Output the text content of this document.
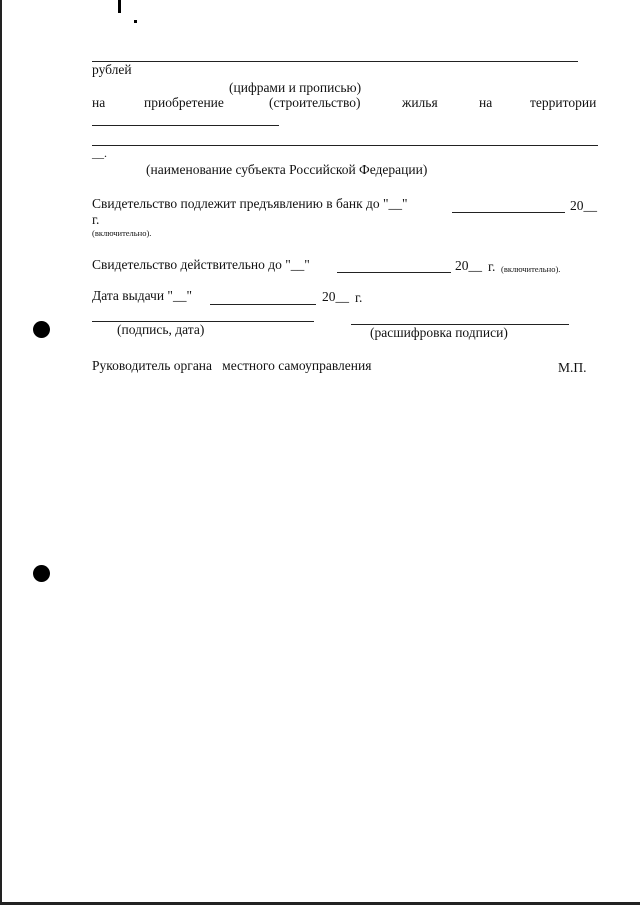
рублей
(цифрами и прописью)
на	приобретение	(строительство)	жилья	на	территории
__.
(наименование субъекта Российской Федерации)
Свидетельство подлежит предъявлению в банк до "__"	20__
г.
(включительно).
Свидетельство действительно до "__"	20__ г. (включительно).
Дата выдачи "__"	20__ г.
(подпись, дата)	(расшифровка подписи)
Руководитель органа   местного самоуправления	М.П.
